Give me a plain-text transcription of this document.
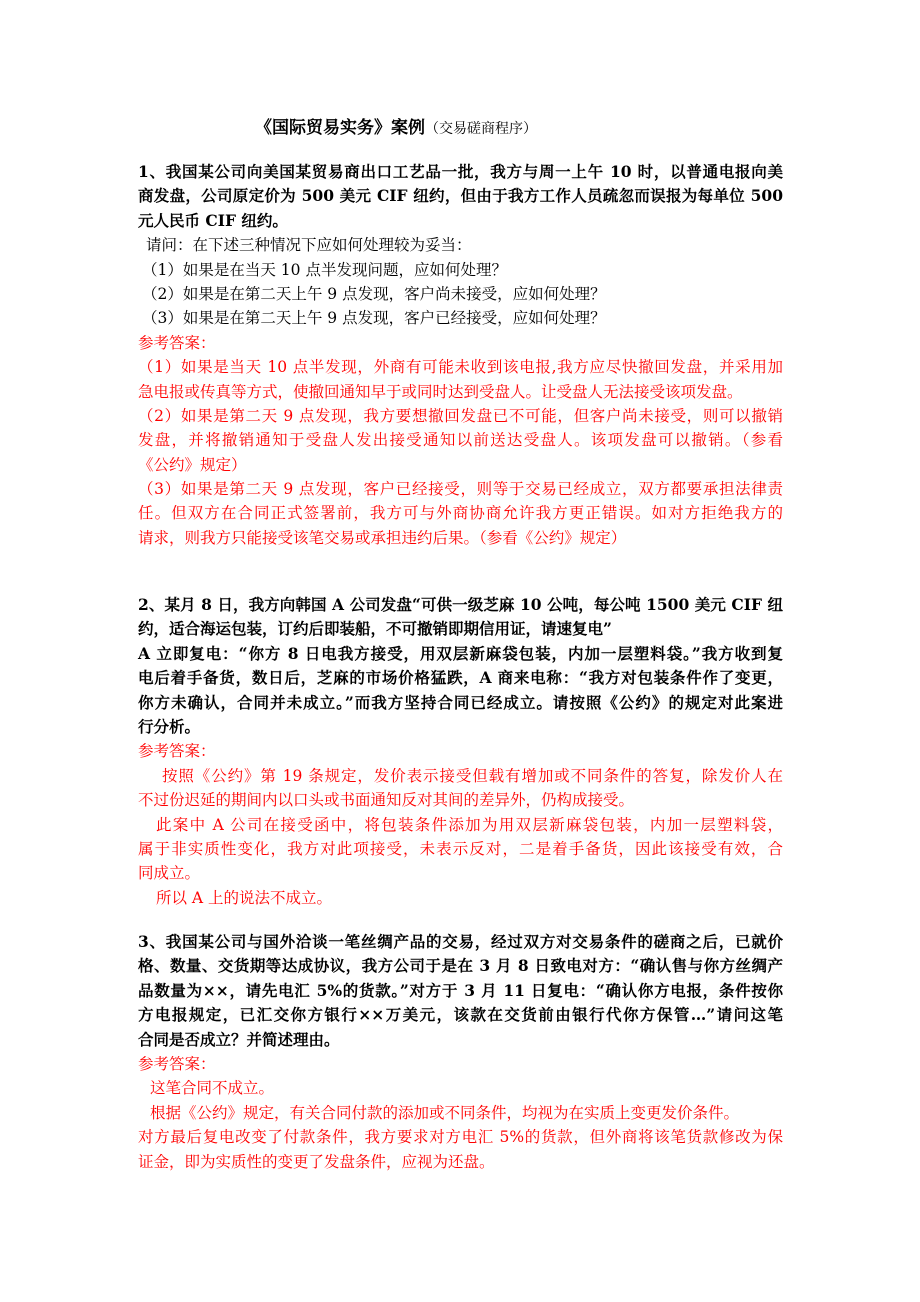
《国际贸易实务》案例（交易磋商程序）
1、我国某公司向美国某贸易商出口工艺品一批，我方与周一上午 10 时，以普通电报向美
商发盘，公司原定价为 500 美元 CIF 纽约，但由于我方工作人员疏忽而误报为每单位 500
元人民币 CIF 纽约。
请问：在下述三种情况下应如何处理较为妥当：
（1）如果是在当天 10 点半发现问题，应如何处理？
（2）如果是在第二天上午 9 点发现，客户尚未接受，应如何处理？
（3）如果是在第二天上午 9 点发现，客户已经接受，应如何处理？
参考答案：
（1）如果是当天 10 点半发现，外商有可能未收到该电报,我方应尽快撤回发盘，并采用加
急电报或传真等方式，使撤回通知早于或同时达到受盘人。让受盘人无法接受该项发盘。
（2）如果是第二天 9 点发现，我方要想撤回发盘已不可能，但客户尚未接受，则可以撤销
发盘，并将撤销通知于受盘人发出接受通知以前送达受盘人。该项发盘可以撤销。（参看
《公约》规定）
（3）如果是第二天 9 点发现，客户已经接受，则等于交易已经成立，双方都要承担法律责
任。但双方在合同正式签署前，我方可与外商协商允许我方更正错误。如对方拒绝我方的
请求，则我方只能接受该笔交易或承担违约后果。（参看《公约》规定）
2、某月 8 日，我方向韩国 A 公司发盘“可供一级芝麻 10 公吨，每公吨 1500 美元 CIF 纽
约，适合海运包装，订约后即装船，不可撤销即期信用证，请速复电”
A 立即复电：“你方 8 日电我方接受，用双层新麻袋包装，内加一层塑料袋。”我方收到复
电后着手备货，数日后，芝麻的市场价格猛跌，A 商来电称：“我方对包装条件作了变更，
你方未确认，合同并未成立。”而我方坚持合同已经成立。请按照《公约》的规定对此案进
行分析。
参考答案：
按照《公约》第 19 条规定，发价表示接受但载有增加或不同条件的答复，除发价人在
不过份迟延的期间内以口头或书面通知反对其间的差异外，仍构成接受。
此案中 A 公司在接受函中，将包装条件添加为用双层新麻袋包装，内加一层塑料袋，
属于非实质性变化，我方对此项接受，未表示反对，二是着手备货，因此该接受有效，合
同成立。
所以 A 上的说法不成立。
3、我国某公司与国外洽谈一笔丝绸产品的交易，经过双方对交易条件的磋商之后，已就价
格、数量、交货期等达成协议，我方公司于是在 3 月 8 日致电对方：“确认售与你方丝绸产
品数量为××，请先电汇 5%的货款。”对方于 3 月 11 日复电：“确认你方电报，条件按你
方电报规定，已汇交你方银行××万美元，该款在交货前由银行代你方保管…”请问这笔
合同是否成立？并简述理由。
参考答案：
这笔合同不成立。
根据《公约》规定，有关合同付款的添加或不同条件，均视为在实质上变更发价条件。
对方最后复电改变了付款条件，我方要求对方电汇 5%的货款，但外商将该笔货款修改为保
证金，即为实质性的变更了发盘条件，应视为还盘。
